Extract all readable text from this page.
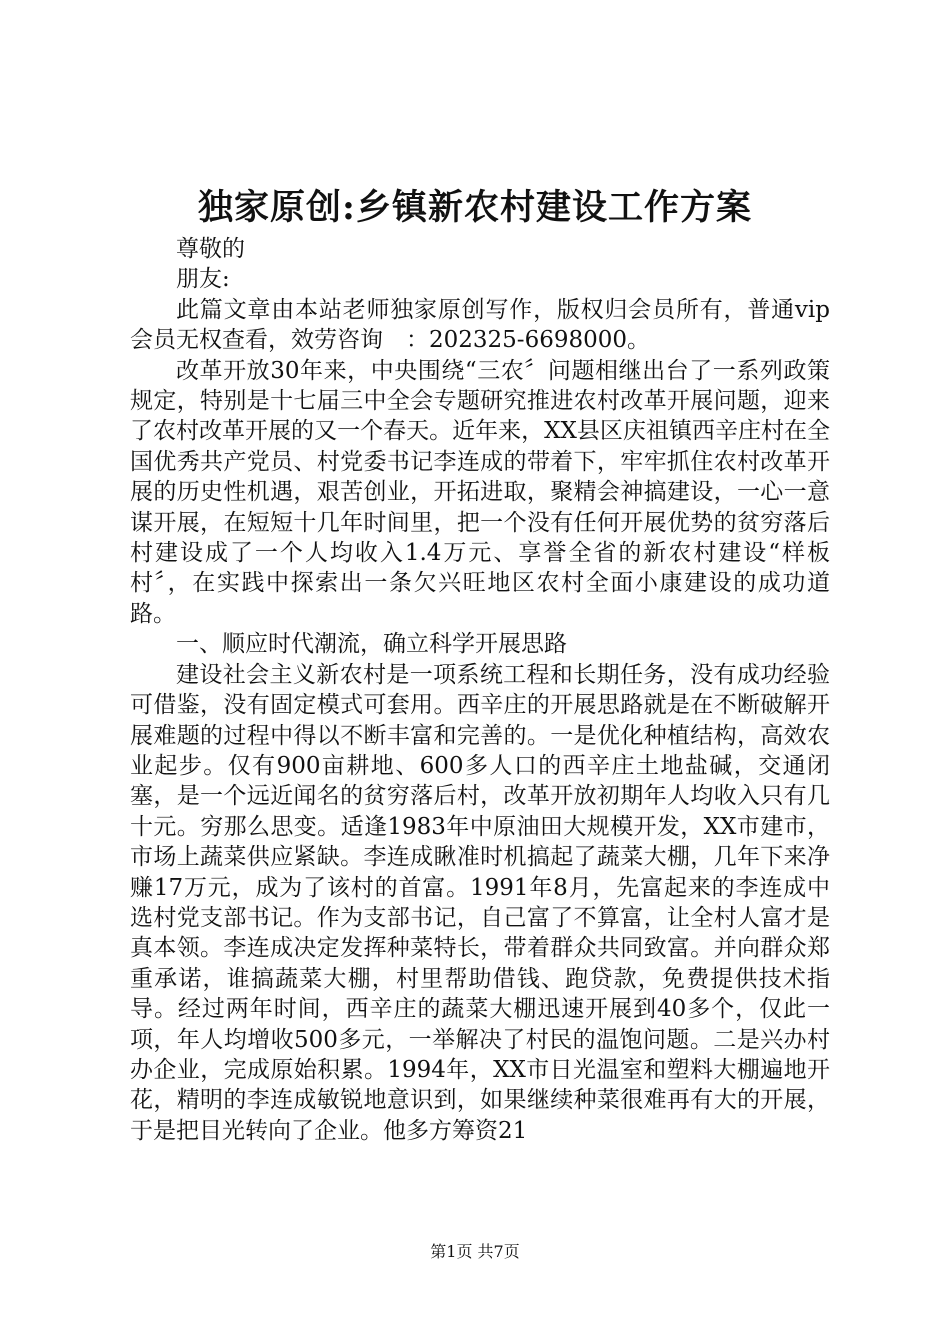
独家原创:乡镇新农村建设工作方案

尊敬的

朋友:

此篇文章由本站老师独家原创写作，版权归会员所有，普通vip会员无权查看，效劳咨询　：202325-6698000。

改革开放30年来，中央围绕“三农〞问题相继出台了一系列政策规定，特别是十七届三中全会专题研究推进农村改革开展问题，迎来了农村改革开展的又一个春天。近年来，XX县区庆祖镇西辛庄村在全国优秀共产党员、村党委书记李连成的带着下，牢牢抓住农村改革开展的历史性机遇，艰苦创业，开拓进取，聚精会神搞建设，一心一意谋开展，在短短十几年时间里，把一个没有任何开展优势的贫穷落后村建设成了一个人均收入1.4万元、享誉全省的新农村建设“样板村〞，在实践中探索出一条欠兴旺地区农村全面小康建设的成功道路。

一、顺应时代潮流，确立科学开展思路

建设社会主义新农村是一项系统工程和长期任务，没有成功经验可借鉴，没有固定模式可套用。西辛庄的开展思路就是在不断破解开展难题的过程中得以不断丰富和完善的。一是优化种植结构，高效农业起步。仅有900亩耕地、600多人口的西辛庄土地盐碱，交通闭塞，是一个远近闻名的贫穷落后村，改革开放初期年人均收入只有几十元。穷那么思变。适逢1983年中原油田大规模开发，XX市建市，市场上蔬菜供应紧缺。李连成瞅准时机搞起了蔬菜大棚，几年下来净赚17万元，成为了该村的首富。1991年8月，先富起来的李连成中选村党支部书记。作为支部书记，自己富了不算富，让全村人富才是真本领。李连成决定发挥种菜特长，带着群众共同致富。并向群众郑重承诺，谁搞蔬菜大棚，村里帮助借钱、跑贷款，免费提供技术指导。经过两年时间，西辛庄的蔬菜大棚迅速开展到40多个，仅此一项，年人均增收500多元，一举解决了村民的温饱问题。二是兴办村办企业，完成原始积累。1994年，XX市日光温室和塑料大棚遍地开花，精明的李连成敏锐地意识到，如果继续种菜很难再有大的开展，于是把目光转向了企业。他多方筹资21

第1页 共7页
